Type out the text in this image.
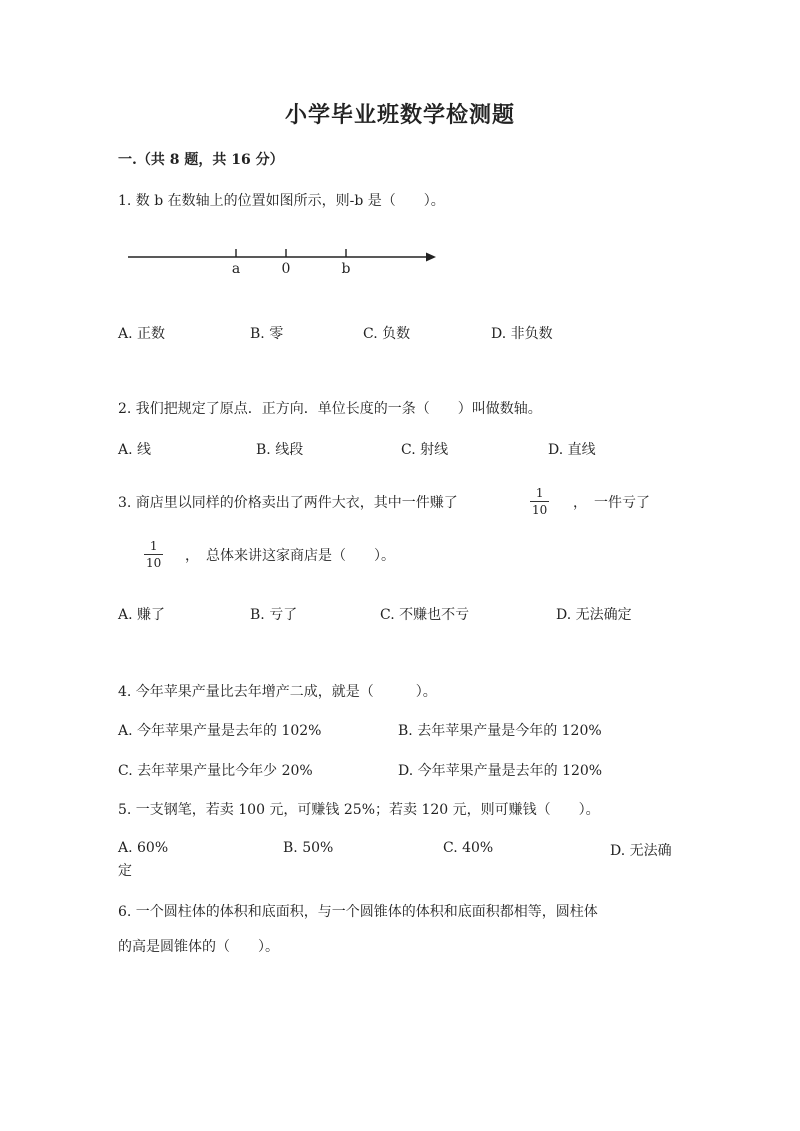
小学毕业班数学检测题
一.（共 8 题，共 16 分）
1. 数 b 在数轴上的位置如图所示，则-b 是（　　）。
a	0	b
A. 正数	B. 零	C. 负数	D. 非负数
2. 我们把规定了原点．正方向．单位长度的一条（　　）叫做数轴。
A. 线	B. 线段	C. 射线	D. 直线
3. 商店里以同样的价格卖出了两件大衣，其中一件赚了	$\frac{1}{10}$ ，　一件亏了
$\frac{1}{10}$ ，　总体来讲这家商店是（　　）。
A. 赚了	B. 亏了	C. 不赚也不亏	D. 无法确定
4. 今年苹果产量比去年增产二成，就是（　　　）。
A. 今年苹果产量是去年的 102%	B. 去年苹果产量是今年的 120%
C. 去年苹果产量比今年少 20%	D. 今年苹果产量是去年的 120%
5. 一支钢笔，若卖 100 元，可赚钱 25%；若卖 120 元，则可赚钱（　　）。
A. 60%	B. 50%	C. 40%	D. 无法确
定
6. 一个圆柱体的体积和底面积，与一个圆锥体的体积和底面积都相等，圆柱体
的高是圆锥体的（　　）。
